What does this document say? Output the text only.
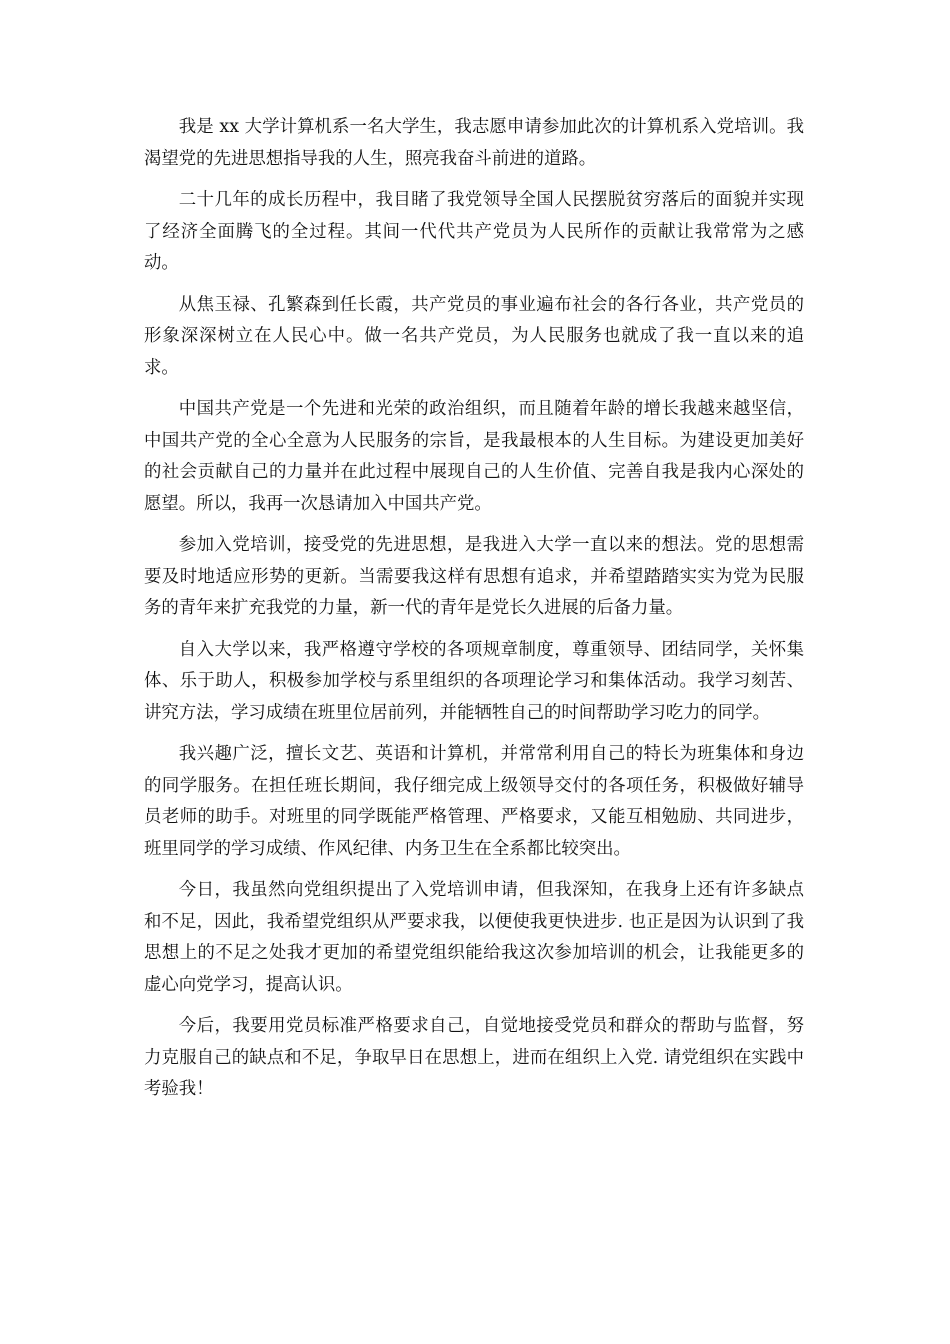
我是 xx 大学计算机系一名大学生，我志愿申请参加此次的计算机系入党培训。我渴望党的先进思想指导我的人生，照亮我奋斗前进的道路。

二十几年的成长历程中，我目睹了我党领导全国人民摆脱贫穷落后的面貌并实现了经济全面腾飞的全过程。其间一代代共产党员为人民所作的贡献让我常常为之感动。

从焦玉禄、孔繁森到任长霞，共产党员的事业遍布社会的各行各业，共产党员的形象深深树立在人民心中。做一名共产党员，为人民服务也就成了我一直以来的追求。

中国共产党是一个先进和光荣的政治组织，而且随着年龄的增长我越来越坚信，中国共产党的全心全意为人民服务的宗旨，是我最根本的人生目标。为建设更加美好的社会贡献自己的力量并在此过程中展现自己的人生价值、完善自我是我内心深处的愿望。所以，我再一次恳请加入中国共产党。

参加入党培训，接受党的先进思想，是我进入大学一直以来的想法。党的思想需要及时地适应形势的更新。当需要我这样有思想有追求，并希望踏踏实实为党为民服务的青年来扩充我党的力量，新一代的青年是党长久进展的后备力量。

自入大学以来，我严格遵守学校的各项规章制度，尊重领导、团结同学，关怀集体、乐于助人，积极参加学校与系里组织的各项理论学习和集体活动。我学习刻苦、讲究方法，学习成绩在班里位居前列，并能牺牲自己的时间帮助学习吃力的同学。

我兴趣广泛，擅长文艺、英语和计算机，并常常利用自己的特长为班集体和身边的同学服务。在担任班长期间，我仔细完成上级领导交付的各项任务，积极做好辅导员老师的助手。对班里的同学既能严格管理、严格要求，又能互相勉励、共同进步，班里同学的学习成绩、作风纪律、内务卫生在全系都比较突出。

今日，我虽然向党组织提出了入党培训申请，但我深知，在我身上还有许多缺点和不足，因此，我希望党组织从严要求我，以便使我更快进步. 也正是因为认识到了我思想上的不足之处我才更加的希望党组织能给我这次参加培训的机会，让我能更多的虚心向党学习，提高认识。

今后，我要用党员标准严格要求自己，自觉地接受党员和群众的帮助与监督，努力克服自己的缺点和不足，争取早日在思想上，进而在组织上入党. 请党组织在实践中考验我！
